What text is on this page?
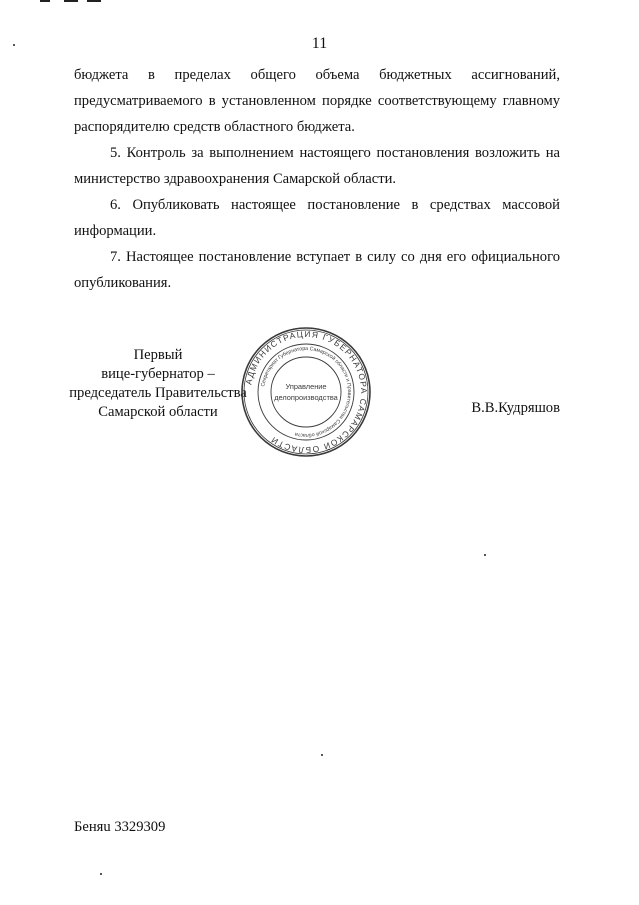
11

бюджета в пределах общего объема бюджетных ассигнований, предусматриваемого в установленном порядке соответствующему главному распорядителю средств областного бюджета.

5. Контроль за выполнением настоящего постановления возложить на министерство здравоохранения Самарской области.

6. Опубликовать настоящее постановление в средствах массовой информации.

7. Настоящее постановление вступает в силу со дня его официального опубликования.

Первый
вице-губернатор –
председатель Правительства
Самарской области
АДМИНИСТРАЦИЯ ГУБЕРНАТОРА САМАРСКОЙ ОБЛАСТИ
Секретариат Губернатора Самарской области и Правительства Самарской области
Управление
делопроизводства
В.В.Кудряшов
Беняu 3329309
